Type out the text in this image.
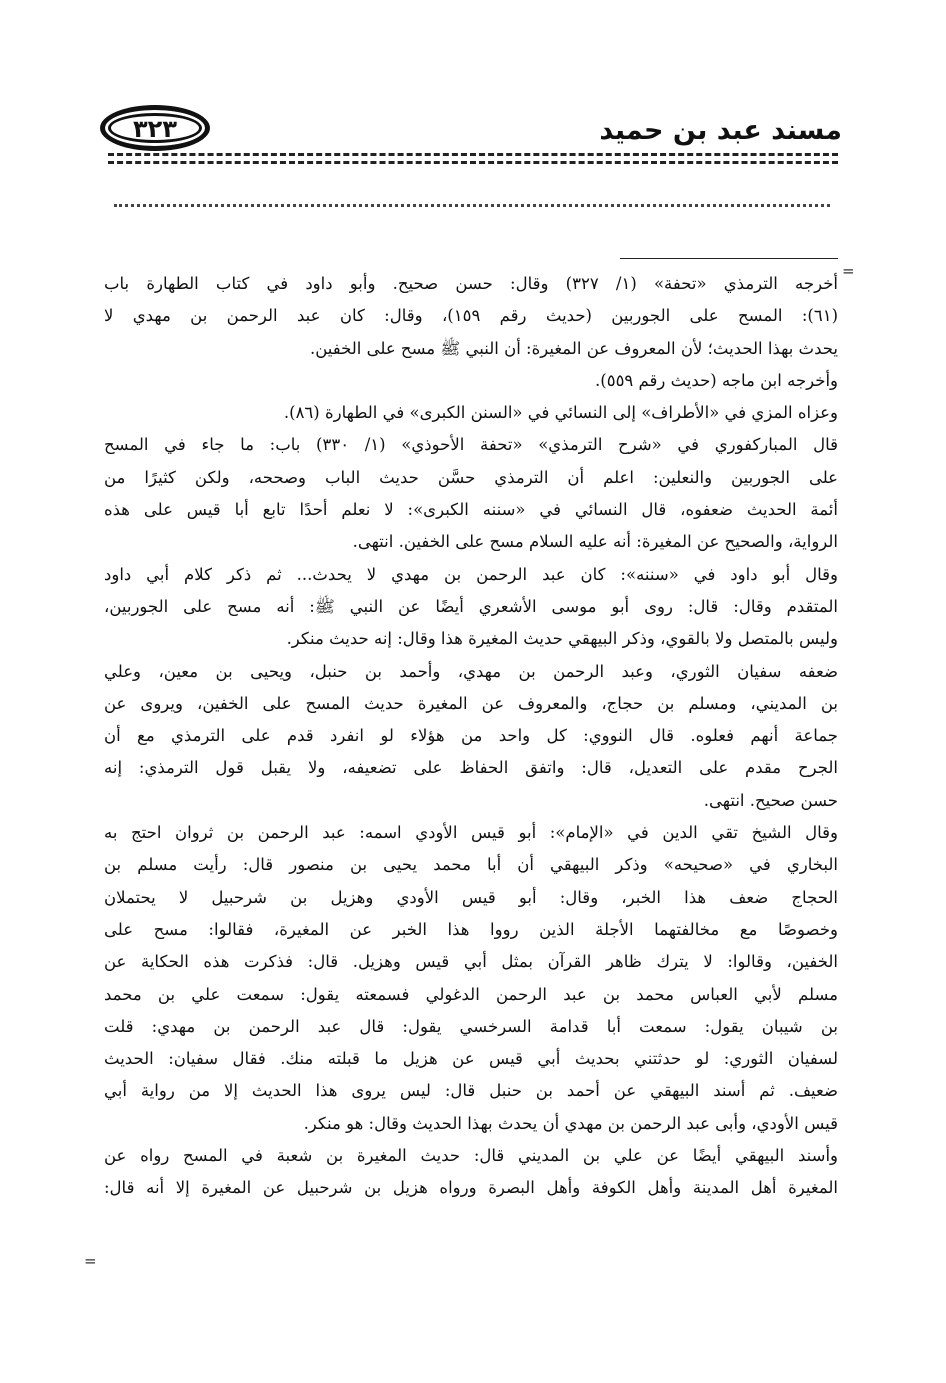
٣٢٣	مسند عبد بن حميد
=
=
أخرجه الترمذي «تحفة» (١/ ٣٢٧) وقال: حسن صحيح. وأبو داود في كتاب الطهارة باب
(٦١): المسح على الجوربين (حديث رقم ١٥٩)، وقال: كان عبد الرحمن بن مهدي لا
يحدث بهذا الحديث؛ لأن المعروف عن المغيرة: أن النبي ﷺ مسح على الخفين.
وأخرجه ابن ماجه (حديث رقم ٥٥٩).
وعزاه المزي في «الأطراف» إلى النسائي في «السنن الكبرى» في الطهارة (٨٦).
قال المباركفوري في «شرح الترمذي» «تحفة الأحوذي» (١/ ٣٣٠) باب: ما جاء في المسح
على الجوربين والنعلين: اعلم أن الترمذي حسَّن حديث الباب وصححه، ولكن كثيرًا من
أئمة الحديث ضعفوه، قال النسائي في «سننه الكبرى»: لا نعلم أحدًا تابع أبا قيس على هذه
الرواية، والصحيح عن المغيرة: أنه عليه السلام مسح على الخفين. انتهى.
وقال أبو داود في «سننه»: كان عبد الرحمن بن مهدي لا يحدث... ثم ذكر كلام أبي داود
المتقدم وقال: قال: روى أبو موسى الأشعري أيضًا عن النبي ﷺ: أنه مسح على الجوربين،
وليس بالمتصل ولا بالقوي، وذكر البيهقي حديث المغيرة هذا وقال: إنه حديث منكر.
ضعفه سفيان الثوري، وعبد الرحمن بن مهدي، وأحمد بن حنبل، ويحيى بن معين، وعلي
بن المديني، ومسلم بن حجاج، والمعروف عن المغيرة حديث المسح على الخفين، ويروى عن
جماعة أنهم فعلوه. قال النووي: كل واحد من هؤلاء لو انفرد قدم على الترمذي مع أن
الجرح مقدم على التعديل، قال: واتفق الحفاظ على تضعيفه، ولا يقبل قول الترمذي: إنه
حسن صحيح. انتهى.
وقال الشيخ تقي الدين في «الإمام»: أبو قيس الأودي اسمه: عبد الرحمن بن ثروان احتج به
البخاري في «صحيحه» وذكر البيهقي أن أبا محمد يحيى بن منصور قال: رأيت مسلم بن
الحجاج ضعف هذا الخبر، وقال: أبو قيس الأودي وهزيل بن شرحبيل لا يحتملان
وخصوصًا مع مخالفتهما الأجلة الذين رووا هذا الخبر عن المغيرة، فقالوا: مسح على
الخفين، وقالوا: لا يترك ظاهر القرآن بمثل أبي قيس وهزيل. قال: فذكرت هذه الحكاية عن
مسلم لأبي العباس محمد بن عبد الرحمن الدغولي فسمعته يقول: سمعت علي بن محمد
بن شيبان يقول: سمعت أبا قدامة السرخسي يقول: قال عبد الرحمن بن مهدي: قلت
لسفيان الثوري: لو حدثتني بحديث أبي قيس عن هزيل ما قبلته منك. فقال سفيان: الحديث
ضعيف. ثم أسند البيهقي عن أحمد بن حنبل قال: ليس يروى هذا الحديث إلا من رواية أبي
قيس الأودي، وأبى عبد الرحمن بن مهدي أن يحدث بهذا الحديث وقال: هو منكر.
وأسند البيهقي أيضًا عن علي بن المديني قال: حديث المغيرة بن شعبة في المسح رواه عن
المغيرة أهل المدينة وأهل الكوفة وأهل البصرة ورواه هزيل بن شرحبيل عن المغيرة إلا أنه قال:
